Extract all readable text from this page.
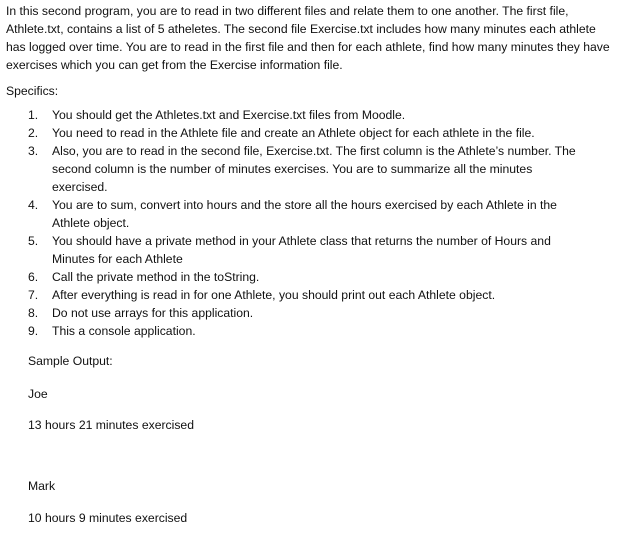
In this second program, you are to read in two different files and relate them to one another. The first file, Athlete.txt, contains a list of 5 atheletes. The second file Exercise.txt includes how many minutes each athlete has logged over time. You are to read in the first file and then for each athlete, find how many minutes they have exercises which you can get from the Exercise information file.

Specifics:

1.	You should get the Athletes.txt and Exercise.txt files from Moodle.
2.	You need to read in the Athlete file and create an Athlete object for each athlete in the file.
3.	Also, you are to read in the second file, Exercise.txt. The first column is the Athlete’s number. The second column is the number of minutes exercises. You are to summarize all the minutes exercised.
4.	You are to sum, convert into hours and the store all the hours exercised by each Athlete in the Athlete object.
5.	You should have a private method in your Athlete class that returns the number of Hours and Minutes for each Athlete
6.	Call the private method in the toString.
7.	After everything is read in for one Athlete, you should print out each Athlete object.
8.	Do not use arrays for this application.
9.	This a console application.

Sample Output:

Joe

13 hours 21 minutes exercised

Mark

10 hours 9 minutes exercised
